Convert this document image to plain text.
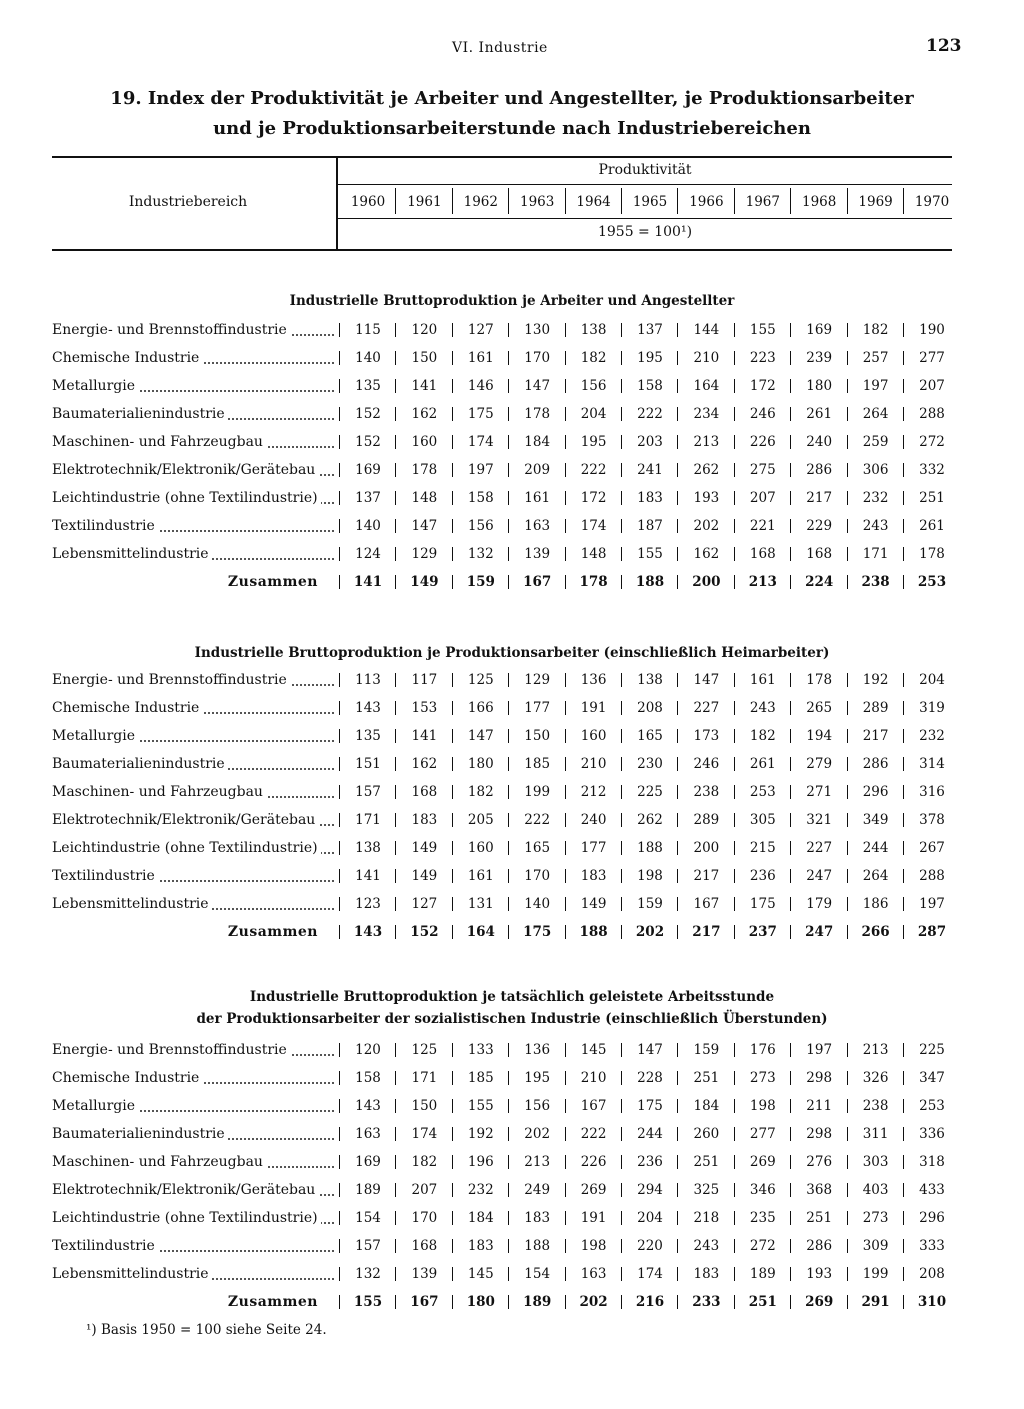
VI. Industrie	123
19. Index der Produktivität je Arbeiter und Angestellter, je Produktionsarbeiter
und je Produktionsarbeiterstunde nach Industriebereichen
Industriebereich
Produktivität
1955 = 100¹)
1960	1961	1962	1963	1964	1965	1966	1967	1968	1969	1970
Industrielle Bruttoproduktion je Arbeiter und Angestellter
Energie- und Brennstoffindustrie	115	120	127	130	138	137	144	155	169	182	190
Chemische Industrie	140	150	161	170	182	195	210	223	239	257	277
Metallurgie	135	141	146	147	156	158	164	172	180	197	207
Baumaterialienindustrie	152	162	175	178	204	222	234	246	261	264	288
Maschinen- und Fahrzeugbau	152	160	174	184	195	203	213	226	240	259	272
Elektrotechnik/Elektronik/Gerätebau	169	178	197	209	222	241	262	275	286	306	332
Leichtindustrie (ohne Textilindustrie)	137	148	158	161	172	183	193	207	217	232	251
Textilindustrie	140	147	156	163	174	187	202	221	229	243	261
Lebensmittelindustrie	124	129	132	139	148	155	162	168	168	171	178
Zusammen	141	149	159	167	178	188	200	213	224	238	253
Industrielle Bruttoproduktion je Produktionsarbeiter (einschließlich Heimarbeiter)
Energie- und Brennstoffindustrie	113	117	125	129	136	138	147	161	178	192	204
Chemische Industrie	143	153	166	177	191	208	227	243	265	289	319
Metallurgie	135	141	147	150	160	165	173	182	194	217	232
Baumaterialienindustrie	151	162	180	185	210	230	246	261	279	286	314
Maschinen- und Fahrzeugbau	157	168	182	199	212	225	238	253	271	296	316
Elektrotechnik/Elektronik/Gerätebau	171	183	205	222	240	262	289	305	321	349	378
Leichtindustrie (ohne Textilindustrie)	138	149	160	165	177	188	200	215	227	244	267
Textilindustrie	141	149	161	170	183	198	217	236	247	264	288
Lebensmittelindustrie	123	127	131	140	149	159	167	175	179	186	197
Zusammen	143	152	164	175	188	202	217	237	247	266	287
Industrielle Bruttoproduktion je tatsächlich geleistete Arbeitsstunde
der Produktionsarbeiter der sozialistischen Industrie (einschließlich Überstunden)
Energie- und Brennstoffindustrie	120	125	133	136	145	147	159	176	197	213	225
Chemische Industrie	158	171	185	195	210	228	251	273	298	326	347
Metallurgie	143	150	155	156	167	175	184	198	211	238	253
Baumaterialienindustrie	163	174	192	202	222	244	260	277	298	311	336
Maschinen- und Fahrzeugbau	169	182	196	213	226	236	251	269	276	303	318
Elektrotechnik/Elektronik/Gerätebau	189	207	232	249	269	294	325	346	368	403	433
Leichtindustrie (ohne Textilindustrie)	154	170	184	183	191	204	218	235	251	273	296
Textilindustrie	157	168	183	188	198	220	243	272	286	309	333
Lebensmittelindustrie	132	139	145	154	163	174	183	189	193	199	208
Zusammen	155	167	180	189	202	216	233	251	269	291	310
¹) Basis 1950 = 100 siehe Seite 24.
